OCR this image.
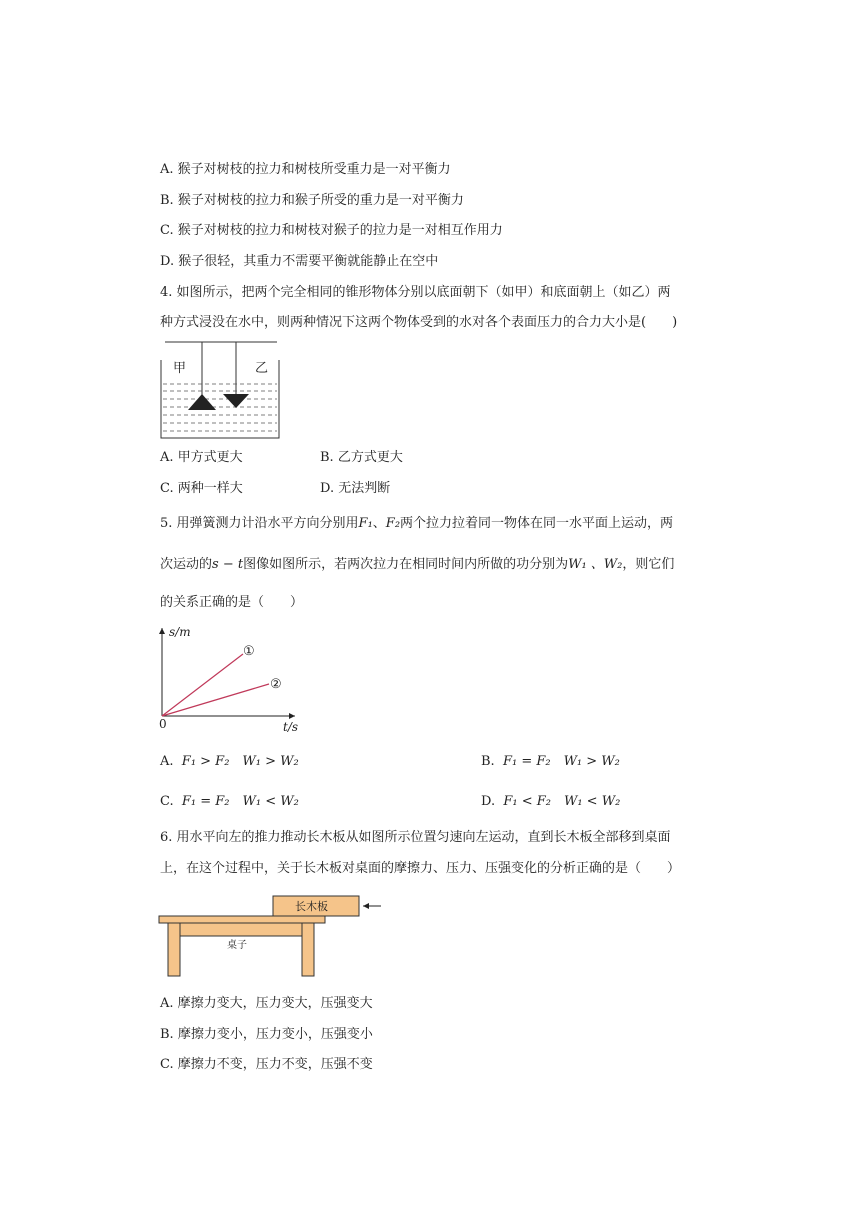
A. 猴子对树枝的拉力和树枝所受重力是一对平衡力
B. 猴子对树枝的拉力和猴子所受的重力是一对平衡力
C. 猴子对树枝的拉力和树枝对猴子的拉力是一对相互作用力
D. 猴子很轻，其重力不需要平衡就能静止在空中
4. 如图所示，把两个完全相同的锥形物体分别以底面朝下（如甲）和底面朝上（如乙）两
种方式浸没在水中，则两种情况下这两个物体受到的水对各个表面压力的合力大小是(　　)
甲	乙
A. 甲方式更大	B. 乙方式更大
C. 两种一样大	D. 无法判断
5. 用弹簧测力计沿水平方向分别用F₁、F₂两个拉力拉着同一物体在同一水平面上运动，两
次运动的s − t图像如图所示，若两次拉力在相同时间内所做的功分别为W₁ 、W₂，则它们
的关系正确的是（　　）
s/m
t/s
0
①
②
A. F₁ > F₂　W₁ > W₂	B. F₁ = F₂　W₁ > W₂
C. F₁ = F₂　W₁ < W₂	D. F₁ < F₂　W₁ < W₂
6. 用水平向左的推力推动长木板从如图所示位置匀速向左运动，直到长木板全部移到桌面
上，在这个过程中，关于长木板对桌面的摩擦力、压力、压强变化的分析正确的是（　　）
长木板
桌子
A. 摩擦力变大，压力变大，压强变大
B. 摩擦力变小，压力变小，压强变小
C. 摩擦力不变，压力不变，压强不变
